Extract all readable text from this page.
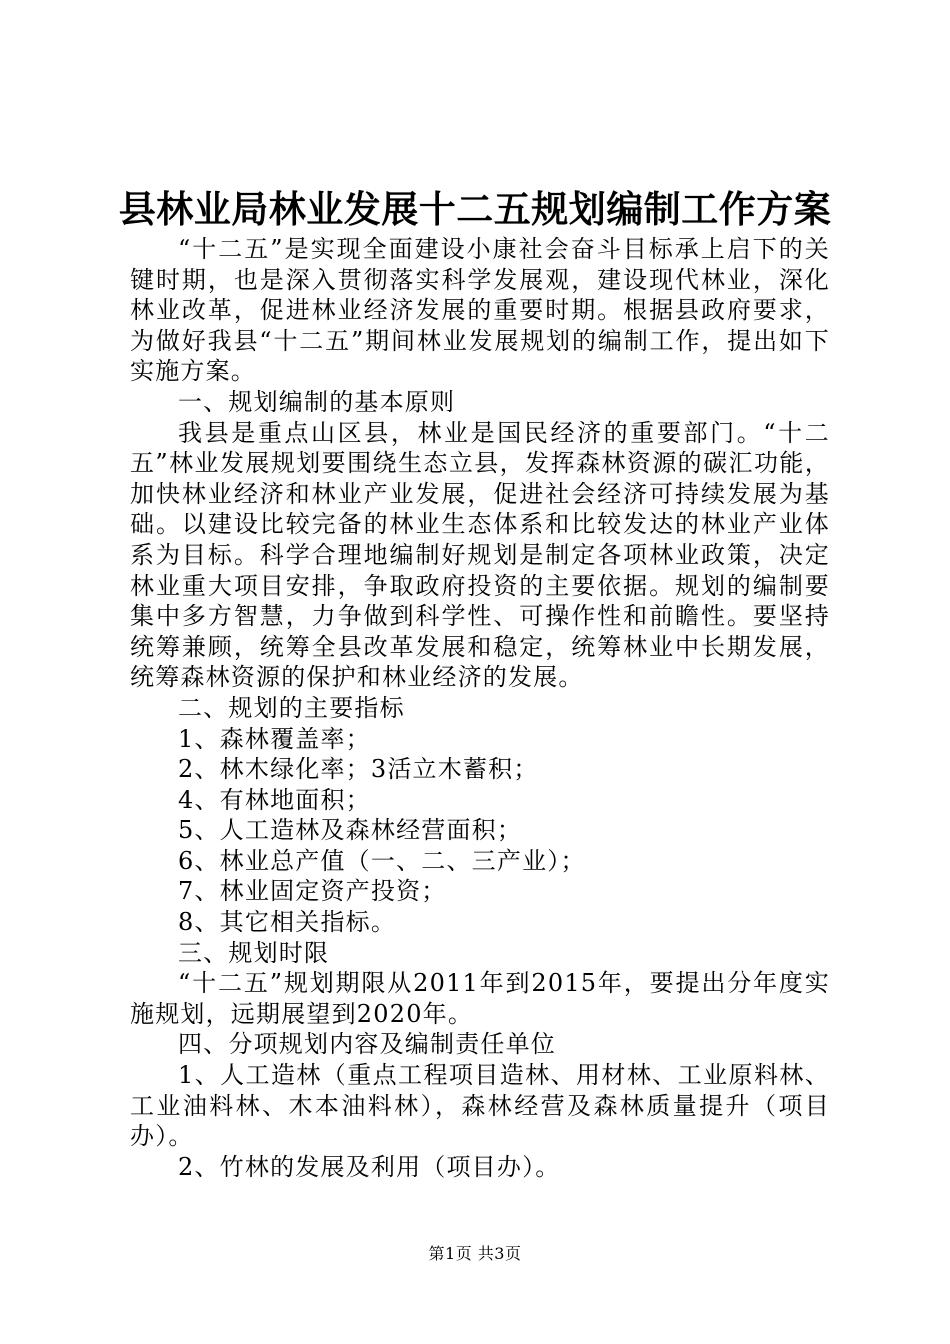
县林业局林业发展十二五规划编制工作方案

“十二五”是实现全面建设小康社会奋斗目标承上启下的关键时期，也是深入贯彻落实科学发展观，建设现代林业，深化林业改革，促进林业经济发展的重要时期。根据县政府要求，为做好我县“十二五”期间林业发展规划的编制工作，提出如下实施方案。

一、规划编制的基本原则

我县是重点山区县，林业是国民经济的重要部门。“十二五”林业发展规划要围绕生态立县，发挥森林资源的碳汇功能，加快林业经济和林业产业发展，促进社会经济可持续发展为基础。以建设比较完备的林业生态体系和比较发达的林业产业体系为目标。科学合理地编制好规划是制定各项林业政策，决定林业重大项目安排，争取政府投资的主要依据。规划的编制要集中多方智慧，力争做到科学性、可操作性和前瞻性。要坚持统筹兼顾，统筹全县改革发展和稳定，统筹林业中长期发展，统筹森林资源的保护和林业经济的发展。

二、规划的主要指标

1、森林覆盖率；

2、林木绿化率；3活立木蓄积；

4、有林地面积；

5、人工造林及森林经营面积；

6、林业总产值（一、二、三产业）；

7、林业固定资产投资；

8、其它相关指标。

三、规划时限

“十二五”规划期限从2011年到2015年，要提出分年度实施规划，远期展望到2020年。

四、分项规划内容及编制责任单位

1、人工造林（重点工程项目造林、用材林、工业原料林、工业油料林、木本油料林），森林经营及森林质量提升（项目办）。

2、竹林的发展及利用（项目办）。

第1页 共3页
